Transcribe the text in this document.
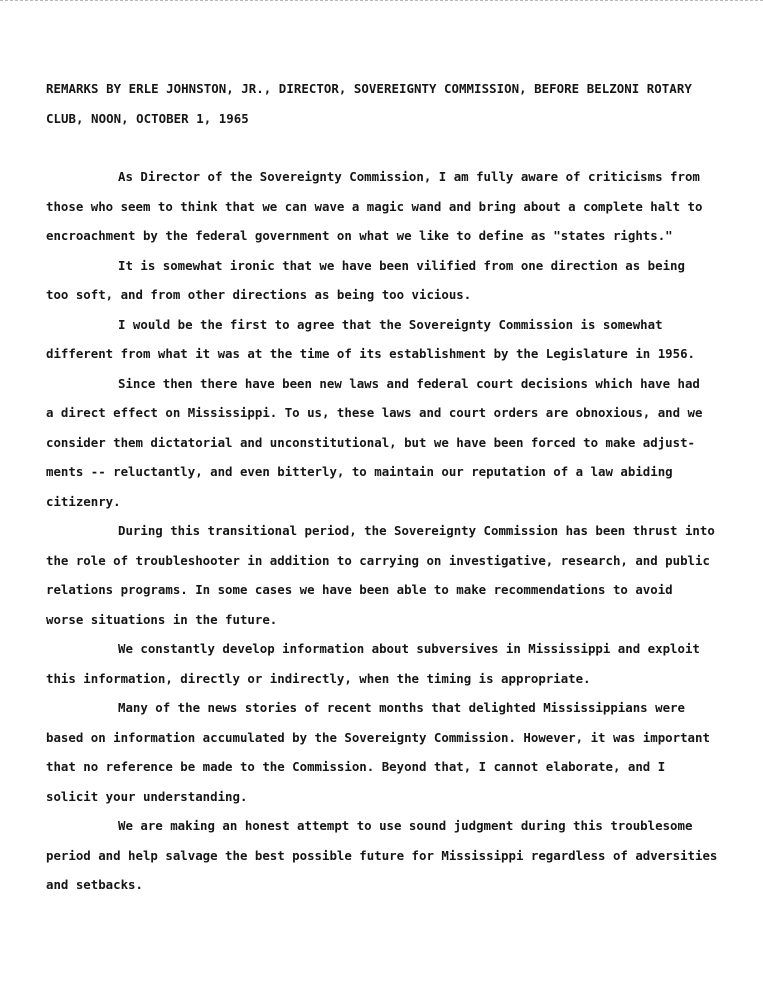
REMARKS BY ERLE JOHNSTON, JR., DIRECTOR, SOVEREIGNTY COMMISSION, BEFORE BELZONI ROTARY
CLUB, NOON, OCTOBER 1, 1965

As Director of the Sovereignty Commission, I am fully aware of criticisms from
those who seem to think that we can wave a magic wand and bring about a complete halt to
encroachment by the federal government on what we like to define as "states rights."

It is somewhat ironic that we have been vilified from one direction as being
too soft, and from other directions as being too vicious.

I would be the first to agree that the Sovereignty Commission is somewhat
different from what it was at the time of its establishment by the Legislature in 1956.

Since then there have been new laws and federal court decisions which have had
a direct effect on Mississippi. To us, these laws and court orders are obnoxious, and we
consider them dictatorial and unconstitutional, but we have been forced to make adjust-
ments -- reluctantly, and even bitterly, to maintain our reputation of a law abiding
citizenry.

During this transitional period, the Sovereignty Commission has been thrust into
the role of troubleshooter in addition to carrying on investigative, research, and public
relations programs. In some cases we have been able to make recommendations to avoid
worse situations in the future.

We constantly develop information about subversives in Mississippi and exploit
this information, directly or indirectly, when the timing is appropriate.

Many of the news stories of recent months that delighted Mississippians were
based on information accumulated by the Sovereignty Commission. However, it was important
that no reference be made to the Commission. Beyond that, I cannot elaborate, and I
solicit your understanding.

We are making an honest attempt to use sound judgment during this troublesome
period and help salvage the best possible future for Mississippi regardless of adversities
and setbacks.
